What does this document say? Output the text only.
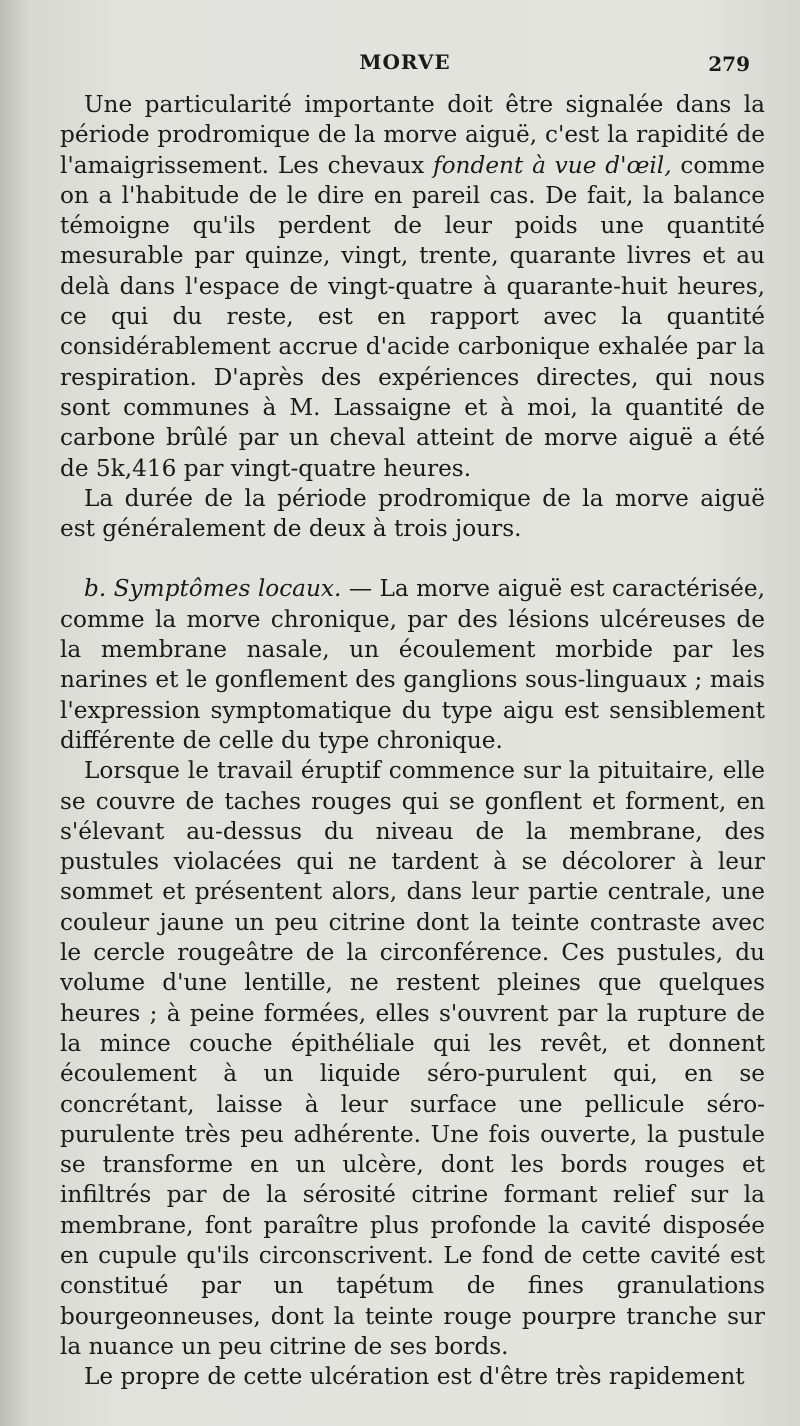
MORVE	279

Une particularité importante doit être signalée dans la période prodromique de la morve aiguë, c'est la rapidité de l'amaigrissement. Les chevaux fondent à vue d'œil, comme on a l'habitude de le dire en pareil cas. De fait, la balance témoigne qu'ils perdent de leur poids une quantité mesurable par quinze, vingt, trente, quarante livres et au delà dans l'espace de vingt-quatre à quarante-huit heures, ce qui du reste, est en rapport avec la quantité considérablement accrue d'acide carbonique exhalée par la respiration. D'après des expériences directes, qui nous sont communes à M. Lassaigne et à moi, la quantité de carbone brûlé par un cheval atteint de morve aiguë a été de 5k,416 par vingt-quatre heures.

La durée de la période prodromique de la morve aiguë est généralement de deux à trois jours.

b. Symptômes locaux. — La morve aiguë est caractérisée, comme la morve chronique, par des lésions ulcéreuses de la membrane nasale, un écoulement morbide par les narines et le gonflement des ganglions sous-linguaux ; mais l'expression symptomatique du type aigu est sensiblement différente de celle du type chronique.

Lorsque le travail éruptif commence sur la pituitaire, elle se couvre de taches rouges qui se gonflent et forment, en s'élevant au-dessus du niveau de la membrane, des pustules violacées qui ne tardent à se décolorer à leur sommet et présentent alors, dans leur partie centrale, une couleur jaune un peu citrine dont la teinte contraste avec le cercle rougeâtre de la circonférence. Ces pustules, du volume d'une lentille, ne restent pleines que quelques heures ; à peine formées, elles s'ouvrent par la rupture de la mince couche épithéliale qui les revêt, et donnent écoulement à un liquide séro-purulent qui, en se concrétant, laisse à leur surface une pellicule séro-purulente très peu adhérente. Une fois ouverte, la pustule se transforme en un ulcère, dont les bords rouges et infiltrés par de la sérosité citrine formant relief sur la membrane, font paraître plus profonde la cavité disposée en cupule qu'ils circonscrivent. Le fond de cette cavité est constitué par un tapétum de fines granulations bourgeonneuses, dont la teinte rouge pourpre tranche sur la nuance un peu citrine de ses bords.

Le propre de cette ulcération est d'être très rapidement
